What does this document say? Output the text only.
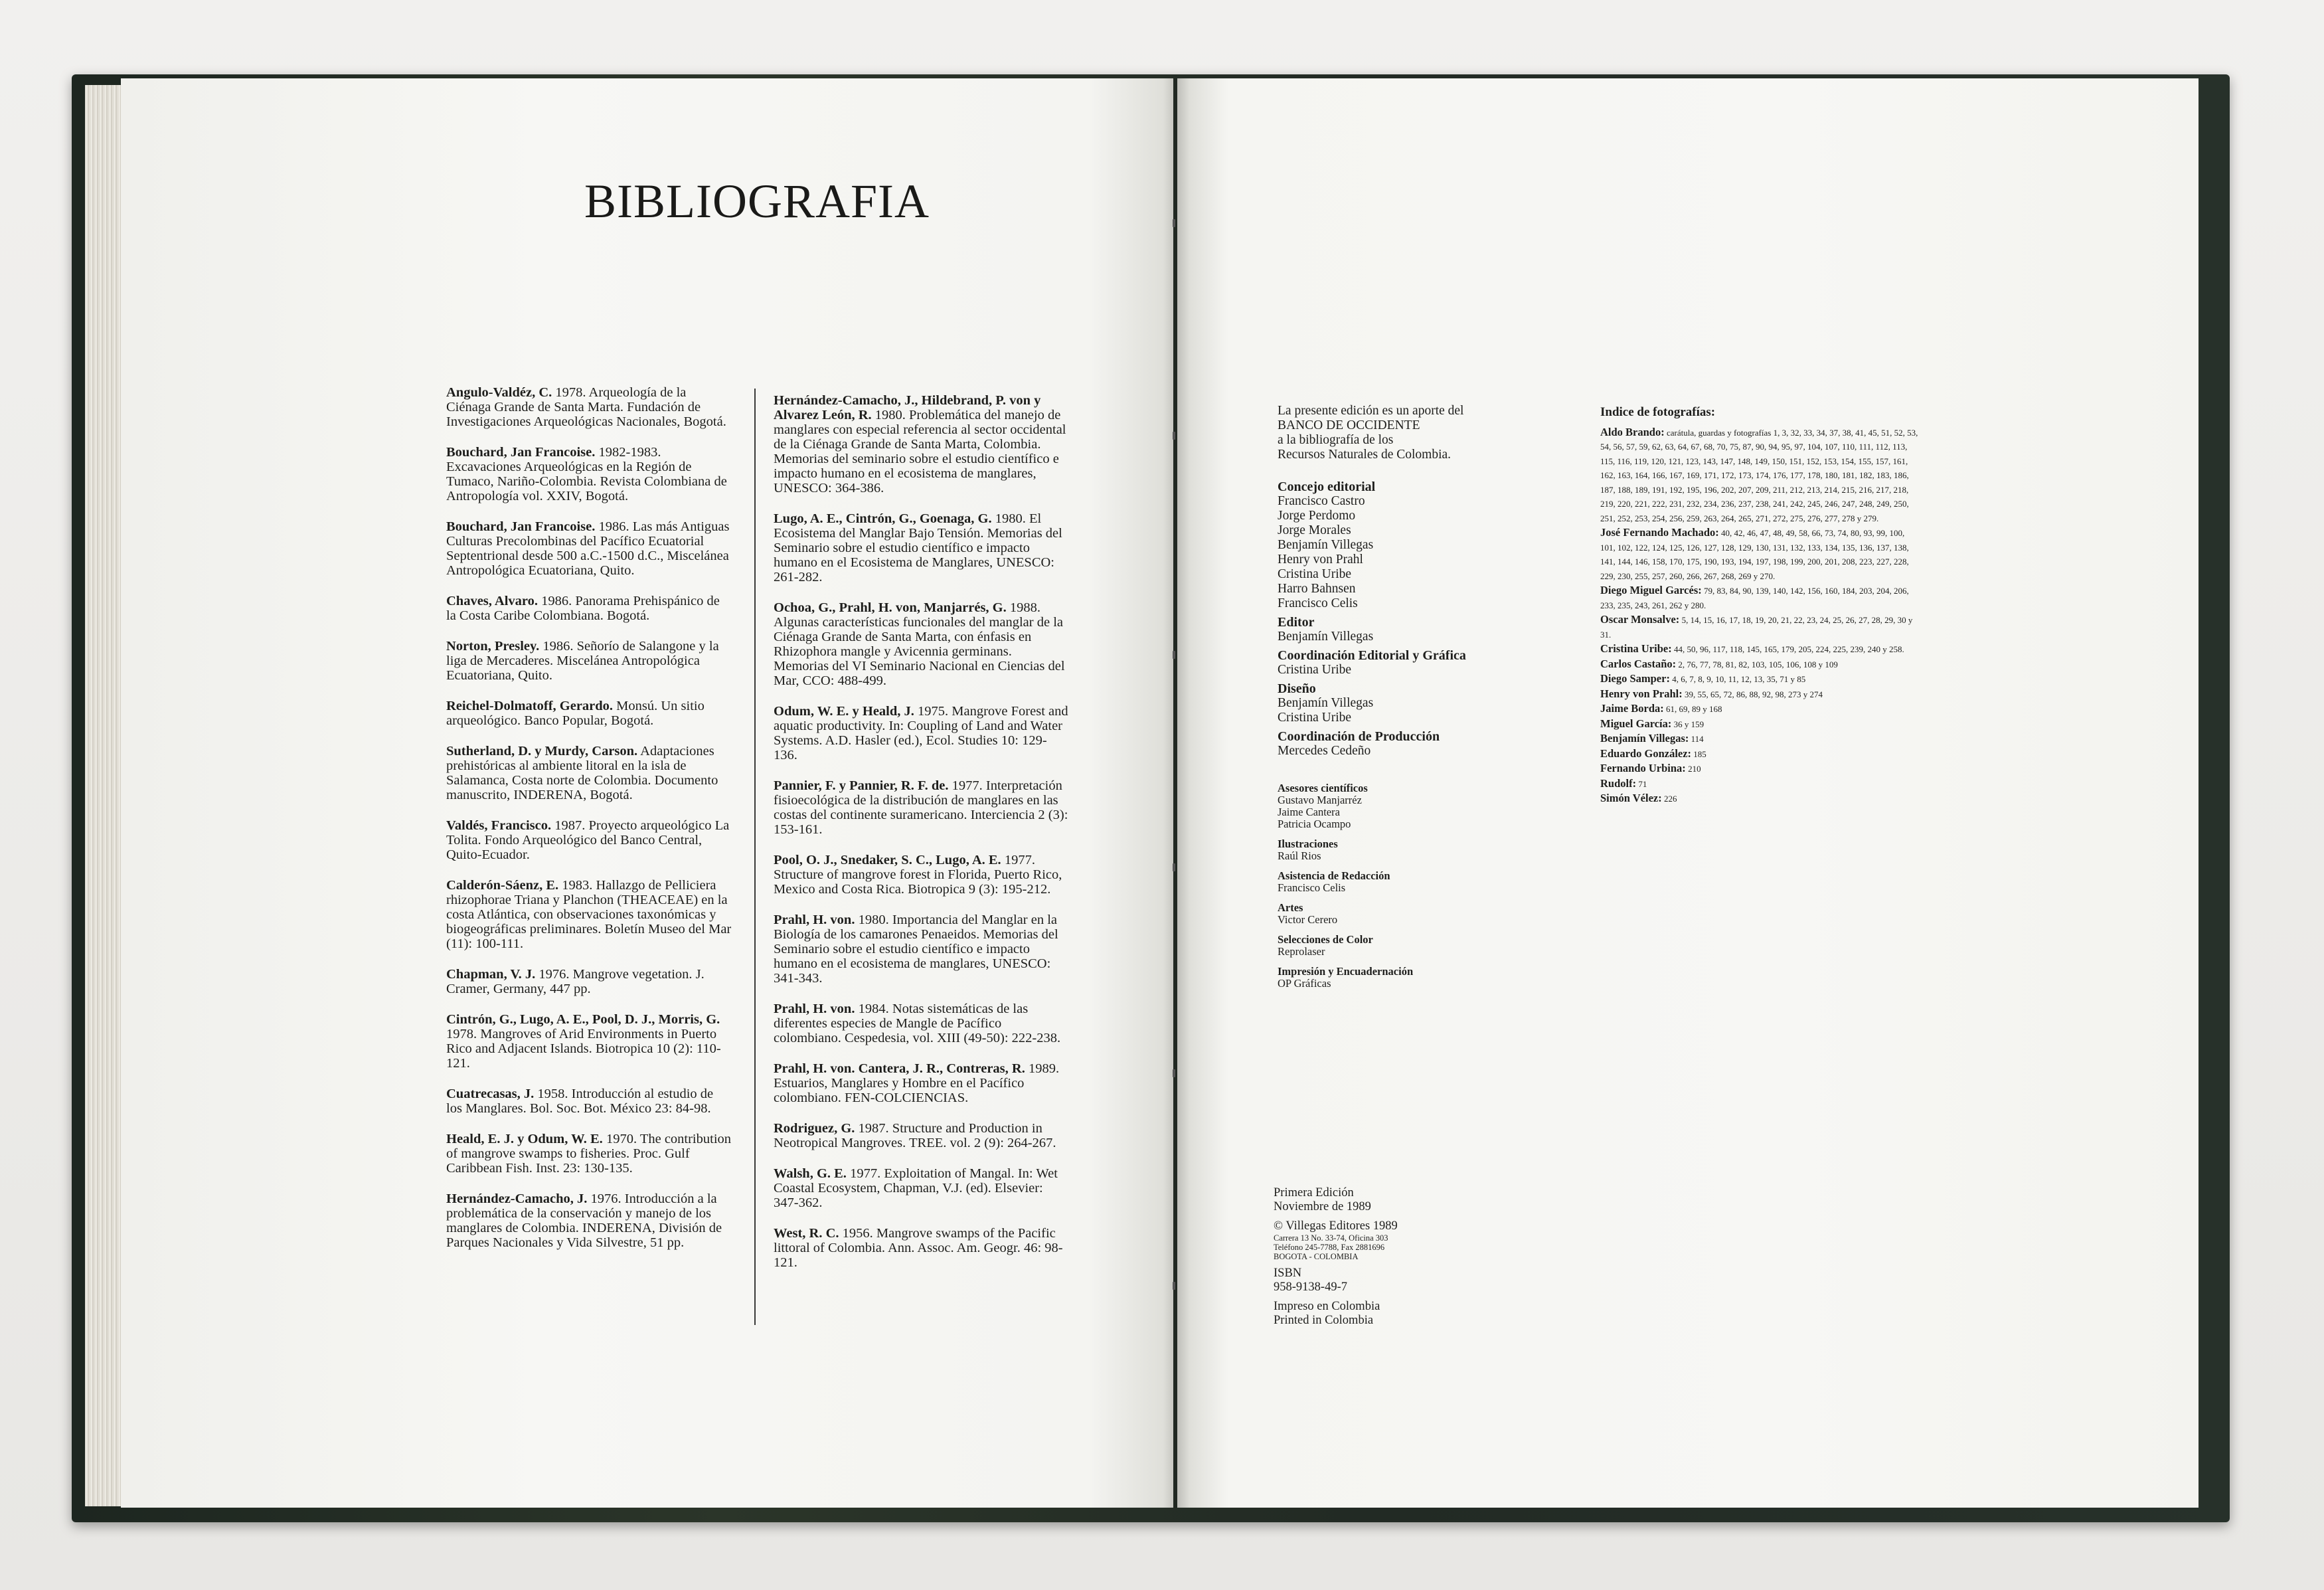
BIBLIOGRAFIA
Angulo-Valdéz, C. 1978. Arqueología de la Ciénaga Grande de Santa Marta. Fundación de Investigaciones Arqueológicas Nacionales, Bogotá.
Bouchard, Jan Francoise. 1982-1983. Excavaciones Arqueológicas en la Región de Tumaco, Nariño-Colombia. Revista Colombiana de Antropología vol. XXIV, Bogotá.
Bouchard, Jan Francoise. 1986. Las más Antiguas Culturas Precolombinas del Pacífico Ecuatorial Septentrional desde 500 a.C.-1500 d.C., Miscelánea Antropológica Ecuatoriana, Quito.
Chaves, Alvaro. 1986. Panorama Prehispánico de la Costa Caribe Colombiana. Bogotá.
Norton, Presley. 1986. Señorío de Salangone y la liga de Mercaderes. Miscelánea Antropológica Ecuatoriana, Quito.
Reichel-Dolmatoff, Gerardo. Monsú. Un sitio arqueológico. Banco Popular, Bogotá.
Sutherland, D. y Murdy, Carson. Adaptaciones prehistóricas al ambiente litoral en la isla de Salamanca, Costa norte de Colombia. Documento manuscrito, INDERENA, Bogotá.
Valdés, Francisco. 1987. Proyecto arqueológico La Tolita. Fondo Arqueológico del Banco Central, Quito-Ecuador.
Calderón-Sáenz, E. 1983. Hallazgo de Pelliciera rhizophorae Triana y Planchon (THEACEAE) en la costa Atlántica, con observaciones taxonómicas y biogeográficas preliminares. Boletín Museo del Mar (11): 100-111.
Chapman, V. J. 1976. Mangrove vegetation. J. Cramer, Germany, 447 pp.
Cintrón, G., Lugo, A. E., Pool, D. J., Morris, G. 1978. Mangroves of Arid Environments in Puerto Rico and Adjacent Islands. Biotropica 10 (2): 110-121.
Cuatrecasas, J. 1958. Introducción al estudio de los Manglares. Bol. Soc. Bot. México 23: 84-98.
Heald, E. J. y Odum, W. E. 1970. The contribution of mangrove swamps to fisheries. Proc. Gulf Caribbean Fish. Inst. 23: 130-135.
Hernández-Camacho, J. 1976. Introducción a la problemática de la conservación y manejo de los manglares de Colombia. INDERENA, División de Parques Nacionales y Vida Silvestre, 51 pp.
Hernández-Camacho, J., Hildebrand, P. von y Alvarez León, R. 1980. Problemática del manejo de manglares con especial referencia al sector occidental de la Ciénaga Grande de Santa Marta, Colombia. Memorias del seminario sobre el estudio científico e impacto humano en el ecosistema de manglares, UNESCO: 364-386.
Lugo, A. E., Cintrón, G., Goenaga, G. 1980. El Ecosistema del Manglar Bajo Tensión. Memorias del Seminario sobre el estudio científico e impacto humano en el Ecosistema de Manglares, UNESCO: 261-282.
Ochoa, G., Prahl, H. von, Manjarrés, G. 1988. Algunas características funcionales del manglar de la Ciénaga Grande de Santa Marta, con énfasis en Rhizophora mangle y Avicennia germinans. Memorias del VI Seminario Nacional en Ciencias del Mar, CCO: 488-499.
Odum, W. E. y Heald, J. 1975. Mangrove Forest and aquatic productivity. In: Coupling of Land and Water Systems. A.D. Hasler (ed.), Ecol. Studies 10: 129-136.
Pannier, F. y Pannier, R. F. de. 1977. Interpretación fisioecológica de la distribución de manglares en las costas del continente suramericano. Interciencia 2 (3): 153-161.
Pool, O. J., Snedaker, S. C., Lugo, A. E. 1977. Structure of mangrove forest in Florida, Puerto Rico, Mexico and Costa Rica. Biotropica 9 (3): 195-212.
Prahl, H. von. 1980. Importancia del Manglar en la Biología de los camarones Penaeidos. Memorias del Seminario sobre el estudio científico e impacto humano en el ecosistema de manglares, UNESCO: 341-343.
Prahl, H. von. 1984. Notas sistemáticas de las diferentes especies de Mangle de Pacífico colombiano. Cespedesia, vol. XIII (49-50): 222-238.
Prahl, H. von. Cantera, J. R., Contreras, R. 1989. Estuarios, Manglares y Hombre en el Pacífico colombiano. FEN-COLCIENCIAS.
Rodriguez, G. 1987. Structure and Production in Neotropical Mangroves. TREE. vol. 2 (9): 264-267.
Walsh, G. E. 1977. Exploitation of Mangal. In: Wet Coastal Ecosystem, Chapman, V.J. (ed). Elsevier: 347-362.
West, R. C. 1956. Mangrove swamps of the Pacific littoral of Colombia. Ann. Assoc. Am. Geogr. 46: 98-121.
La presente edición es un aporte del
BANCO DE OCCIDENTE
a la bibliografía de los
Recursos Naturales de Colombia.
Concejo editorial
Francisco Castro
Jorge Perdomo
Jorge Morales
Benjamín Villegas
Henry von Prahl
Cristina Uribe
Harro Bahnsen
Francisco Celis
Editor
Benjamín Villegas
Coordinación Editorial y Gráfica
Cristina Uribe
Diseño
Benjamín Villegas
Cristina Uribe
Coordinación de Producción
Mercedes Cedeño
Asesores científicos
Gustavo Manjarréz
Jaime Cantera
Patricia Ocampo
Ilustraciones
Raúl Rios
Asistencia de Redacción
Francisco Celis
Artes
Victor Cerero
Selecciones de Color
Reprolaser
Impresión y Encuadernación
OP Gráficas
Primera Edición
Noviembre de 1989
© Villegas Editores 1989
Carrera 13 No. 33-74, Oficina 303
Teléfono 245-7788, Fax 2881696
BOGOTA - COLOMBIA
ISBN
958-9138-49-7
Impreso en Colombia
Printed in Colombia
Indice de fotografías:
Aldo Brando: carátula, guardas y fotografías 1, 3, 32, 33, 34, 37, 38, 41, 45, 51, 52, 53, 54, 56, 57, 59, 62, 63, 64, 67, 68, 70, 75, 87, 90, 94, 95, 97, 104, 107, 110, 111, 112, 113, 115, 116, 119, 120, 121, 123, 143, 147, 148, 149, 150, 151, 152, 153, 154, 155, 157, 161, 162, 163, 164, 166, 167, 169, 171, 172, 173, 174, 176, 177, 178, 180, 181, 182, 183, 186, 187, 188, 189, 191, 192, 195, 196, 202, 207, 209, 211, 212, 213, 214, 215, 216, 217, 218, 219, 220, 221, 222, 231, 232, 234, 236, 237, 238, 241, 242, 245, 246, 247, 248, 249, 250, 251, 252, 253, 254, 256, 259, 263, 264, 265, 271, 272, 275, 276, 277, 278 y 279.
José Fernando Machado: 40, 42, 46, 47, 48, 49, 58, 66, 73, 74, 80, 93, 99, 100, 101, 102, 122, 124, 125, 126, 127, 128, 129, 130, 131, 132, 133, 134, 135, 136, 137, 138, 141, 144, 146, 158, 170, 175, 190, 193, 194, 197, 198, 199, 200, 201, 208, 223, 227, 228, 229, 230, 255, 257, 260, 266, 267, 268, 269 y 270.
Diego Miguel Garcés: 79, 83, 84, 90, 139, 140, 142, 156, 160, 184, 203, 204, 206, 233, 235, 243, 261, 262 y 280.
Oscar Monsalve: 5, 14, 15, 16, 17, 18, 19, 20, 21, 22, 23, 24, 25, 26, 27, 28, 29, 30 y 31.
Cristina Uribe: 44, 50, 96, 117, 118, 145, 165, 179, 205, 224, 225, 239, 240 y 258.
Carlos Castaño: 2, 76, 77, 78, 81, 82, 103, 105, 106, 108 y 109
Diego Samper: 4, 6, 7, 8, 9, 10, 11, 12, 13, 35, 71 y 85
Henry von Prahl: 39, 55, 65, 72, 86, 88, 92, 98, 273 y 274
Jaime Borda: 61, 69, 89 y 168
Miguel García: 36 y 159
Benjamín Villegas: 114
Eduardo González: 185
Fernando Urbina: 210
Rudolf: 71
Simón Vélez: 226
